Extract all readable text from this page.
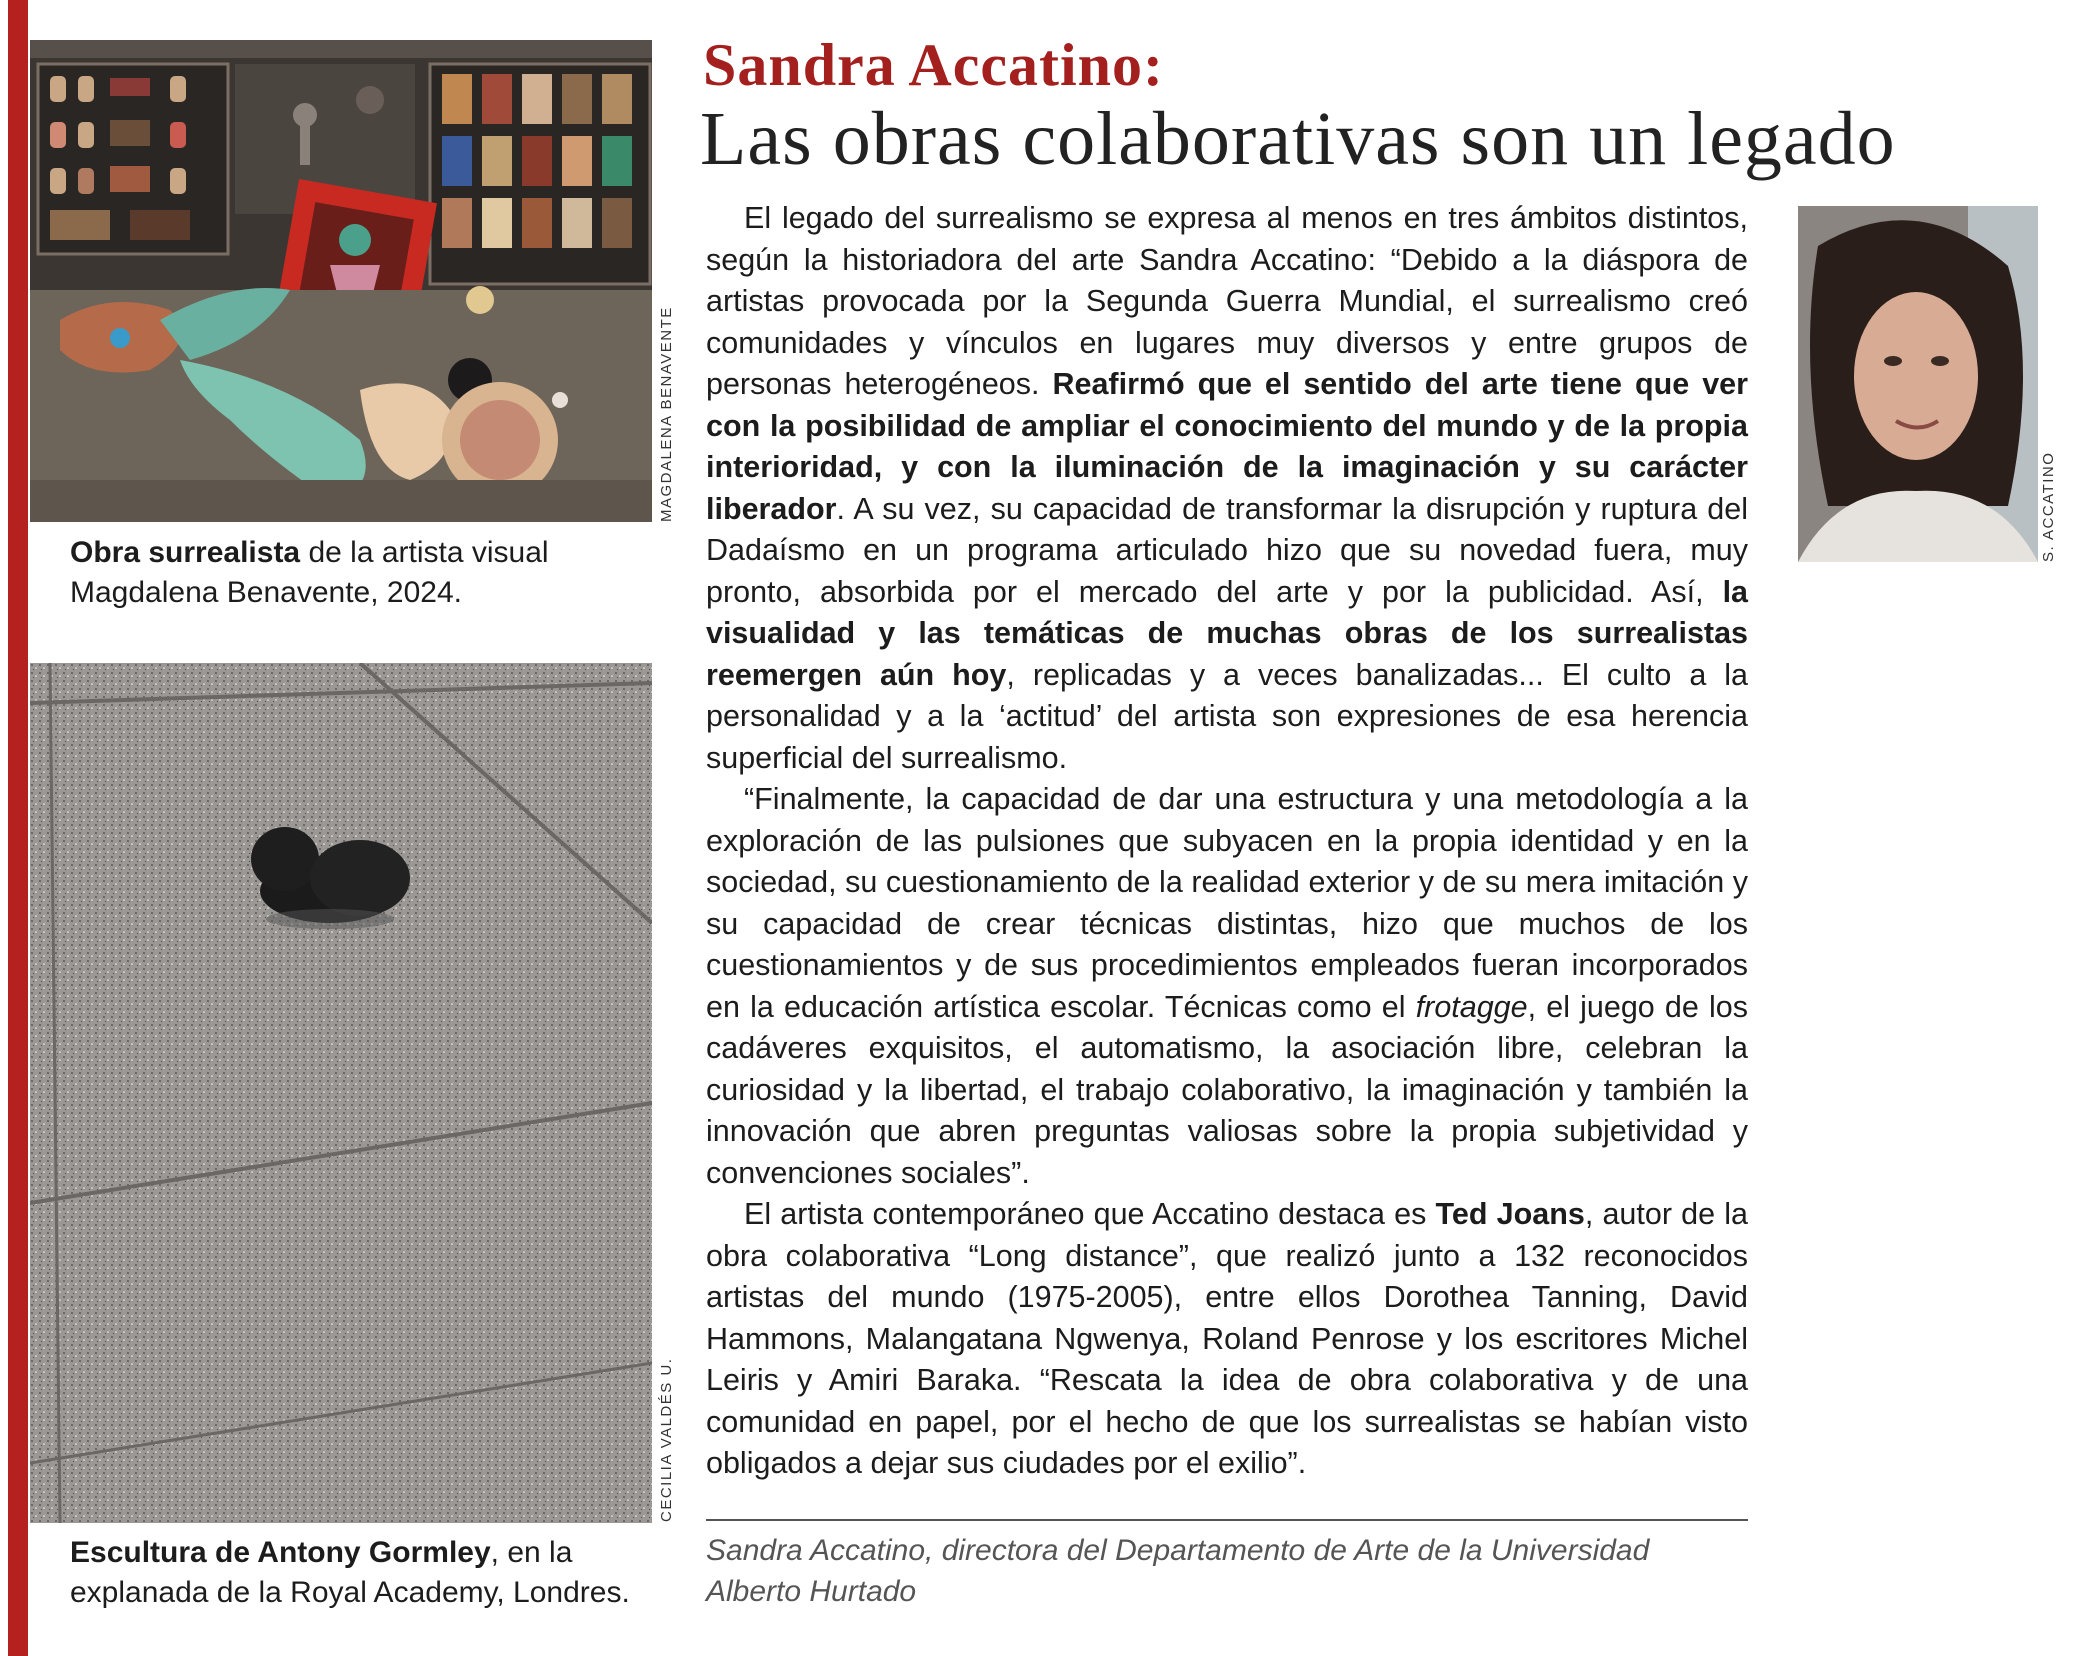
MAGDALENA BENAVENTE
Obra surrealista de la artista visual Magdalena Benavente, 2024.
CECILIA VALDÉS U.
Escultura de Antony Gormley, en la explanada de la Royal Academy, Londres.
Sandra Accatino:
Las obras colaborativas son un legado
S. ACCATINO

El legado del surrealismo se expresa al menos en tres ámbitos distintos, según la historiadora del arte Sandra Accatino: “Debido a la diáspora de artistas provocada por la Segunda Guerra Mundial, el surrealismo creó comunidades y vínculos en lugares muy diversos y entre grupos de personas heterogéneos. Reafirmó que el sentido del arte tiene que ver con la posibilidad de ampliar el conocimiento del mundo y de la propia interioridad, y con la iluminación de la imaginación y su carácter liberador. A su vez, su capacidad de transformar la disrupción y ruptura del Dadaísmo en un programa articulado hizo que su novedad fuera, muy pronto, absorbida por el mercado del arte y por la publicidad. Así, la visualidad y las temáticas de muchas obras de los surrealistas reemergen aún hoy, replicadas y a veces banalizadas... El culto a la personalidad y a la ‘actitud’ del artista son expresiones de esa herencia superficial del surrealismo.

“Finalmente, la capacidad de dar una estructura y una metodología a la exploración de las pulsiones que subyacen en la propia identidad y en la sociedad, su cuestionamiento de la realidad exterior y de su mera imitación y su capacidad de crear técnicas distintas, hizo que muchos de los cuestionamientos y de sus procedimientos empleados fueran incorporados en la educación artística escolar. Técnicas como el frotagge, el juego de los cadáveres exquisitos, el automatismo, la asociación libre, celebran la curiosidad y la libertad, el trabajo colaborativo, la imaginación y también la innovación que abren preguntas valiosas sobre la propia subjetividad y convenciones sociales”.

El artista contemporáneo que Accatino destaca es Ted Joans, autor de la obra colaborativa “Long distance”, que realizó junto a 132 reconocidos artistas del mundo (1975-2005), entre ellos Dorothea Tanning, David Hammons, Malangatana Ngwenya, Roland Penrose y los escritores Michel Leiris y Amiri Baraka. “Rescata la idea de obra colaborativa y de una comunidad en papel, por el hecho de que los surrealistas se habían visto obligados a dejar sus ciudades por el exilio”.

Sandra Accatino, directora del Departamento de Arte de la Universidad Alberto Hurtado
